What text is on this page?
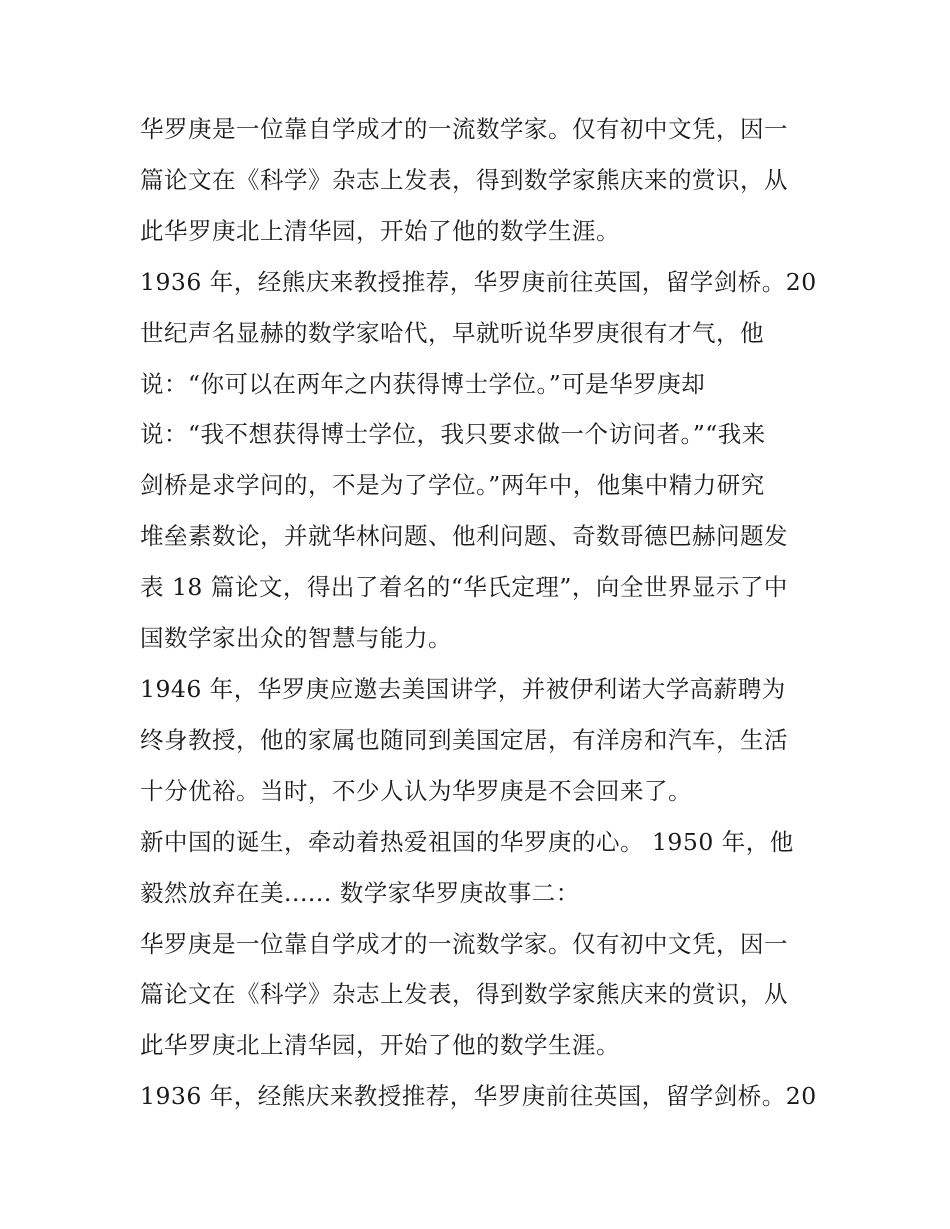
华罗庚是一位靠自学成才的一流数学家。仅有初中文凭，因一
篇论文在《科学》杂志上发表，得到数学家熊庆来的赏识，从
此华罗庚北上清华园，开始了他的数学生涯。

1936 年，经熊庆来教授推荐，华罗庚前往英国，留学剑桥。20
世纪声名显赫的数学家哈代，早就听说华罗庚很有才气，他
说：“你可以在两年之内获得博士学位。”可是华罗庚却
说：“我不想获得博士学位，我只要求做一个访问者。”“我来
剑桥是求学问的，不是为了学位。”两年中，他集中精力研究
堆垒素数论，并就华林问题、他利问题、奇数哥德巴赫问题发
表 18 篇论文，得出了着名的“华氏定理”，向全世界显示了中
国数学家出众的智慧与能力。

1946 年，华罗庚应邀去美国讲学，并被伊利诺大学高薪聘为
终身教授，他的家属也随同到美国定居，有洋房和汽车，生活
十分优裕。当时，不少人认为华罗庚是不会回来了。

新中国的诞生，牵动着热爱祖国的华罗庚的心。 1950 年，他
毅然放弃在美...... 数学家华罗庚故事二：

华罗庚是一位靠自学成才的一流数学家。仅有初中文凭，因一
篇论文在《科学》杂志上发表，得到数学家熊庆来的赏识，从
此华罗庚北上清华园，开始了他的数学生涯。

1936 年，经熊庆来教授推荐，华罗庚前往英国，留学剑桥。20
